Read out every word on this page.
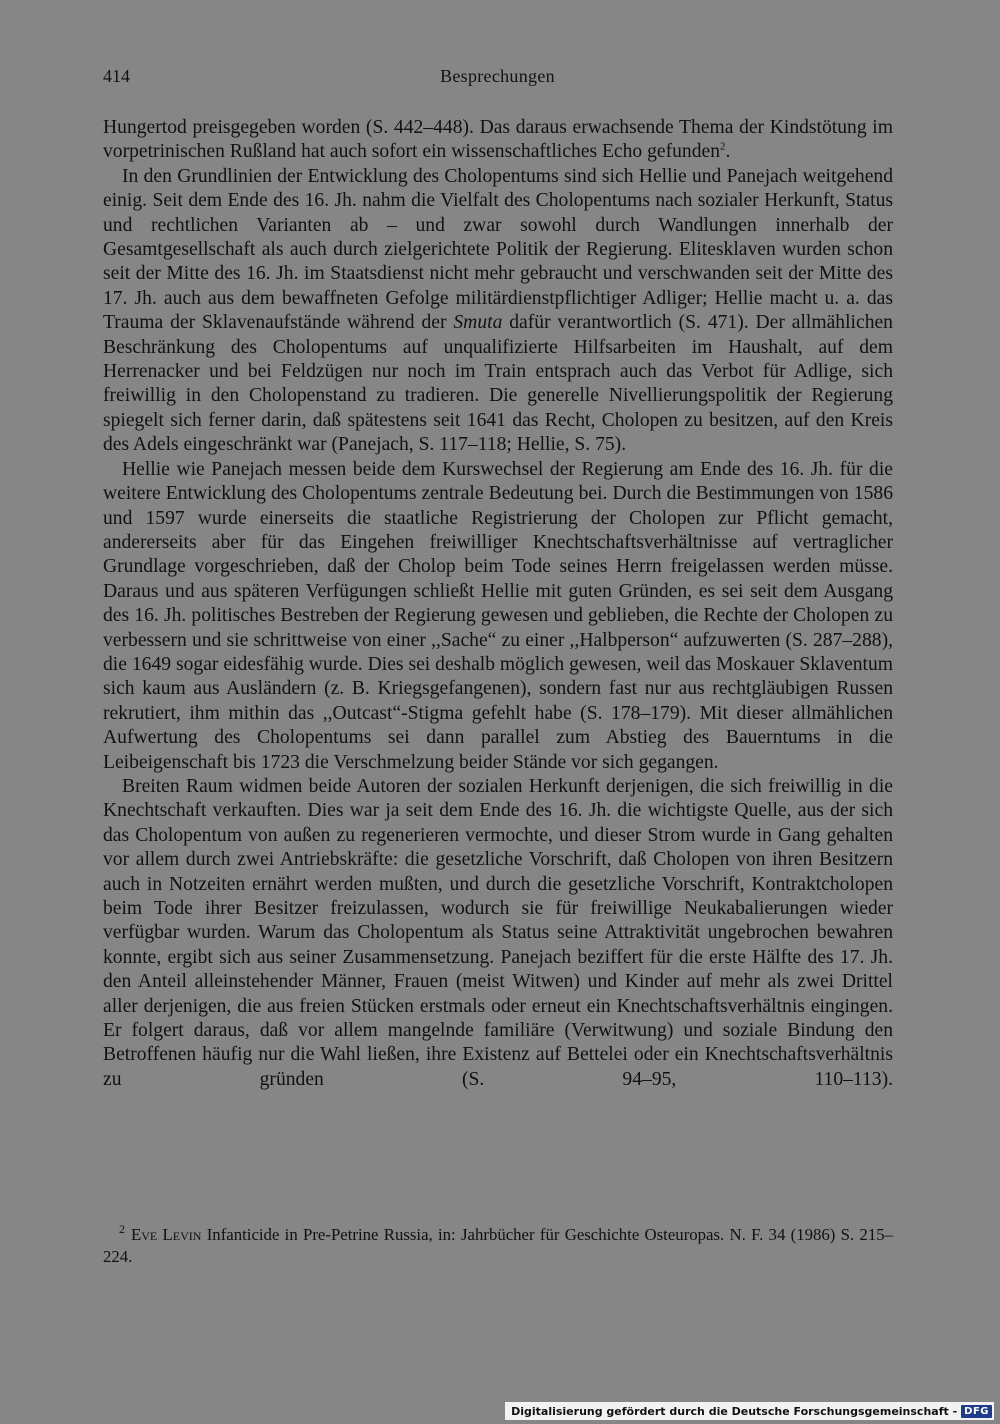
414	Besprechungen

Hungertod preisgegeben worden (S. 442–448). Das daraus erwachsende Thema der Kindstötung im vorpetrinischen Rußland hat auch sofort ein wissenschaftliches Echo gefunden$^2$.

In den Grundlinien der Entwicklung des Cholopentums sind sich Hellie und Panejach weitgehend einig. Seit dem Ende des 16. Jh. nahm die Vielfalt des Cholopentums nach sozialer Herkunft, Status und rechtlichen Varianten ab – und zwar sowohl durch Wandlungen innerhalb der Gesamtgesellschaft als auch durch zielgerichtete Politik der Regierung. Elitesklaven wurden schon seit der Mitte des 16. Jh. im Staatsdienst nicht mehr gebraucht und verschwanden seit der Mitte des 17. Jh. auch aus dem bewaffneten Gefolge militärdienstpflichtiger Adliger; Hellie macht u. a. das Trauma der Sklavenaufstände während der Smuta dafür verantwortlich (S. 471). Der allmählichen Beschränkung des Cholopentums auf unqualifizierte Hilfsarbeiten im Haushalt, auf dem Herrenacker und bei Feldzügen nur noch im Train entsprach auch das Verbot für Adlige, sich freiwillig in den Cholopenstand zu tradieren. Die generelle Nivellierungspolitik der Regierung spiegelt sich ferner darin, daß spätestens seit 1641 das Recht, Cholopen zu besitzen, auf den Kreis des Adels eingeschränkt war (Panejach, S. 117–118; Hellie, S. 75).

Hellie wie Panejach messen beide dem Kurswechsel der Regierung am Ende des 16. Jh. für die weitere Entwicklung des Cholopentums zentrale Bedeutung bei. Durch die Bestimmungen von 1586 und 1597 wurde einerseits die staatliche Registrierung der Cholopen zur Pflicht gemacht, andererseits aber für das Eingehen freiwilliger Knechtschaftsverhältnisse auf vertraglicher Grundlage vorgeschrieben, daß der Cholop beim Tode seines Herrn freigelassen werden müsse. Daraus und aus späteren Verfügungen schließt Hellie mit guten Gründen, es sei seit dem Ausgang des 16. Jh. politisches Bestreben der Regierung gewesen und geblieben, die Rechte der Cholopen zu verbessern und sie schrittweise von einer ,,Sache“ zu einer ,,Halbperson“ aufzuwerten (S. 287–288), die 1649 sogar eidesfähig wurde. Dies sei deshalb möglich gewesen, weil das Moskauer Sklaventum sich kaum aus Ausländern (z. B. Kriegsgefangenen), sondern fast nur aus rechtgläubigen Russen rekrutiert, ihm mithin das ,,Outcast“-Stigma gefehlt habe (S. 178–179). Mit dieser allmählichen Aufwertung des Cholopentums sei dann parallel zum Abstieg des Bauerntums in die Leibeigenschaft bis 1723 die Verschmelzung beider Stände vor sich gegangen.

Breiten Raum widmen beide Autoren der sozialen Herkunft derjenigen, die sich freiwillig in die Knechtschaft verkauften. Dies war ja seit dem Ende des 16. Jh. die wichtigste Quelle, aus der sich das Cholopentum von außen zu regenerieren vermochte, und dieser Strom wurde in Gang gehalten vor allem durch zwei Antriebskräfte: die gesetzliche Vorschrift, daß Cholopen von ihren Besitzern auch in Notzeiten ernährt werden mußten, und durch die gesetzliche Vorschrift, Kontraktcholopen beim Tode ihrer Besitzer freizulassen, wodurch sie für freiwillige Neukabalierungen wieder verfügbar wurden. Warum das Cholopentum als Status seine Attraktivität ungebrochen bewahren konnte, ergibt sich aus seiner Zusammensetzung. Panejach beziffert für die erste Hälfte des 17. Jh. den Anteil alleinstehender Männer, Frauen (meist Witwen) und Kinder auf mehr als zwei Drittel aller derjenigen, die aus freien Stücken erstmals oder erneut ein Knechtschaftsverhältnis eingingen. Er folgert daraus, daß vor allem mangelnde familiäre (Verwitwung) und soziale Bindung den Betroffenen häufig nur die Wahl ließen, ihre Existenz auf Bettelei oder ein Knechtschaftsverhältnis zu gründen (S. 94–95, 110–113).

2 Eve Levin Infanticide in Pre-Petrine Russia, in: Jahrbücher für Geschichte Osteuropas. N. F. 34 (1986) S. 215–224.
Digitalisierung gefördert durch die Deutsche Forschungsgemeinschaft - DFG
